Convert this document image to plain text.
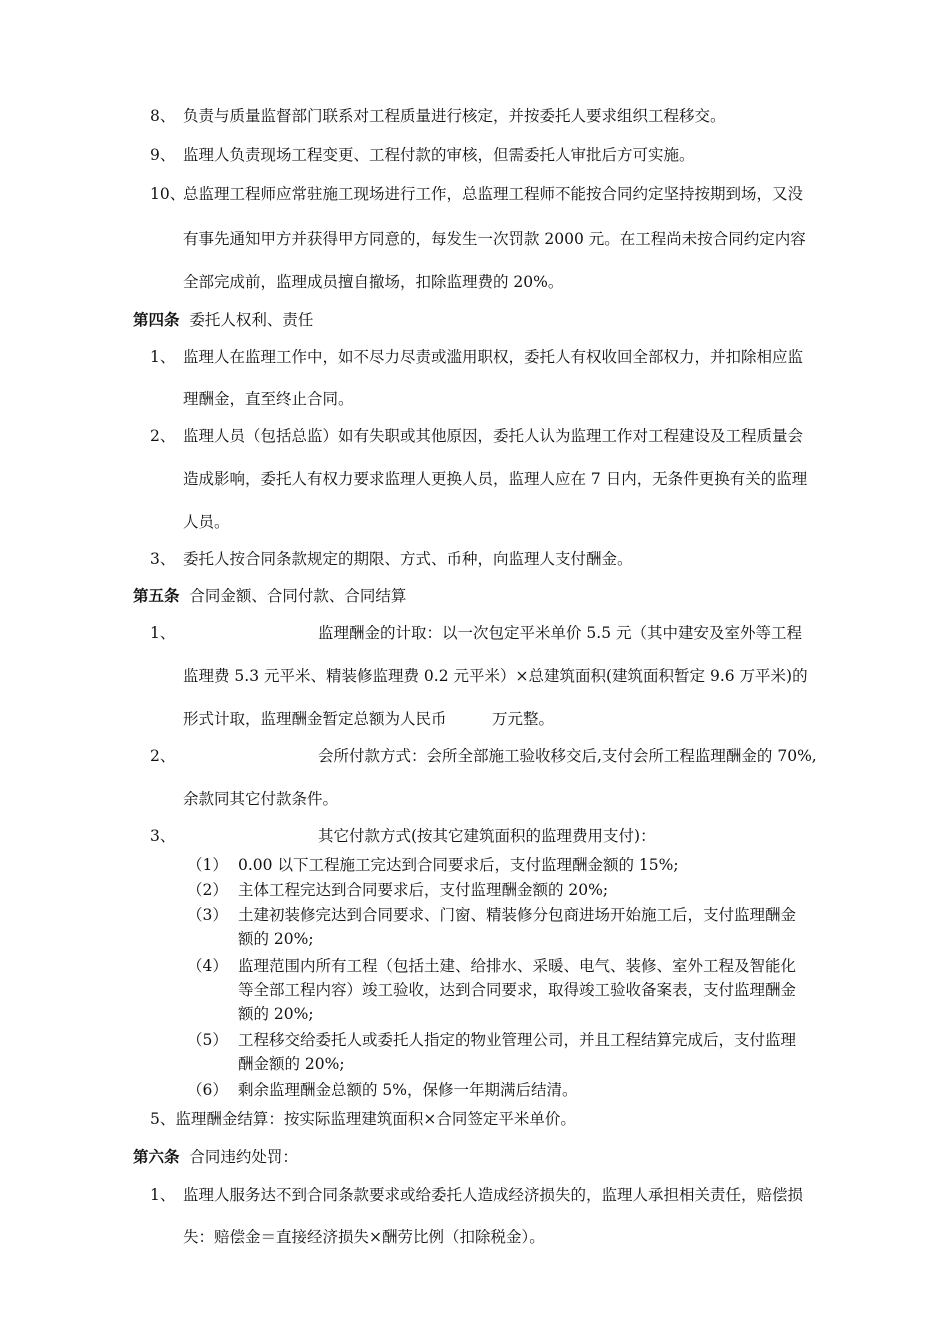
8、 负责与质量监督部门联系对工程质量进行核定，并按委托人要求组织工程移交。
9、 监理人负责现场工程变更、工程付款的审核，但需委托人审批后方可实施。
10、
总监理工程师应常驻施工现场进行工作，总监理工程师不能按合同约定坚持按期到场，又没
有事先通知甲方并获得甲方同意的，每发生一次罚款 2000 元。在工程尚未按合同约定内容
全部完成前，监理成员擅自撤场，扣除监理费的 20%。
第四条 委托人权利、责任
1、 监理人在监理工作中，如不尽力尽责或滥用职权，委托人有权收回全部权力，并扣除相应监
理酬金，直至终止合同。
2、 监理人员（包括总监）如有失职或其他原因，委托人认为监理工作对工程建设及工程质量会
造成影响，委托人有权力要求监理人更换人员，监理人应在 7 日内，无条件更换有关的监理
人员。
3、 委托人按合同条款规定的期限、方式、币种，向监理人支付酬金。
第五条 合同金额、合同付款、合同结算
1、	监理酬金的计取：以一次包定平米单价 5.5 元（其中建安及室外等工程
监理费 5.3 元平米、精装修监理费 0.2 元平米）×总建筑面积(建筑面积暂定 9.6 万平米)的
形式计取，监理酬金暂定总额为人民币	万元整。
2、	会所付款方式：会所全部施工验收移交后,支付会所工程监理酬金的 70%,
余款同其它付款条件。
3、	其它付款方式(按其它建筑面积的监理费用支付)：
（1） 0.00 以下工程施工完达到合同要求后，支付监理酬金额的 15%;
（2） 主体工程完达到合同要求后，支付监理酬金额的 20%;
（3） 土建初装修完达到合同要求、门窗、精装修分包商进场开始施工后，支付监理酬金
额的 20%;
（4） 监理范围内所有工程（包括土建、给排水、采暖、电气、装修、室外工程及智能化
等全部工程内容）竣工验收，达到合同要求，取得竣工验收备案表，支付监理酬金
额的 20%;
（5） 工程移交给委托人或委托人指定的物业管理公司，并且工程结算完成后，支付监理
酬金额的 20%;
（6） 剩余监理酬金总额的 5%，保修一年期满后结清。
5、监理酬金结算：按实际监理建筑面积×合同签定平米单价。
第六条 合同违约处罚：
1、 监理人服务达不到合同条款要求或给委托人造成经济损失的，监理人承担相关责任，赔偿损
失：赔偿金＝直接经济损失×酬劳比例（扣除税金）。
